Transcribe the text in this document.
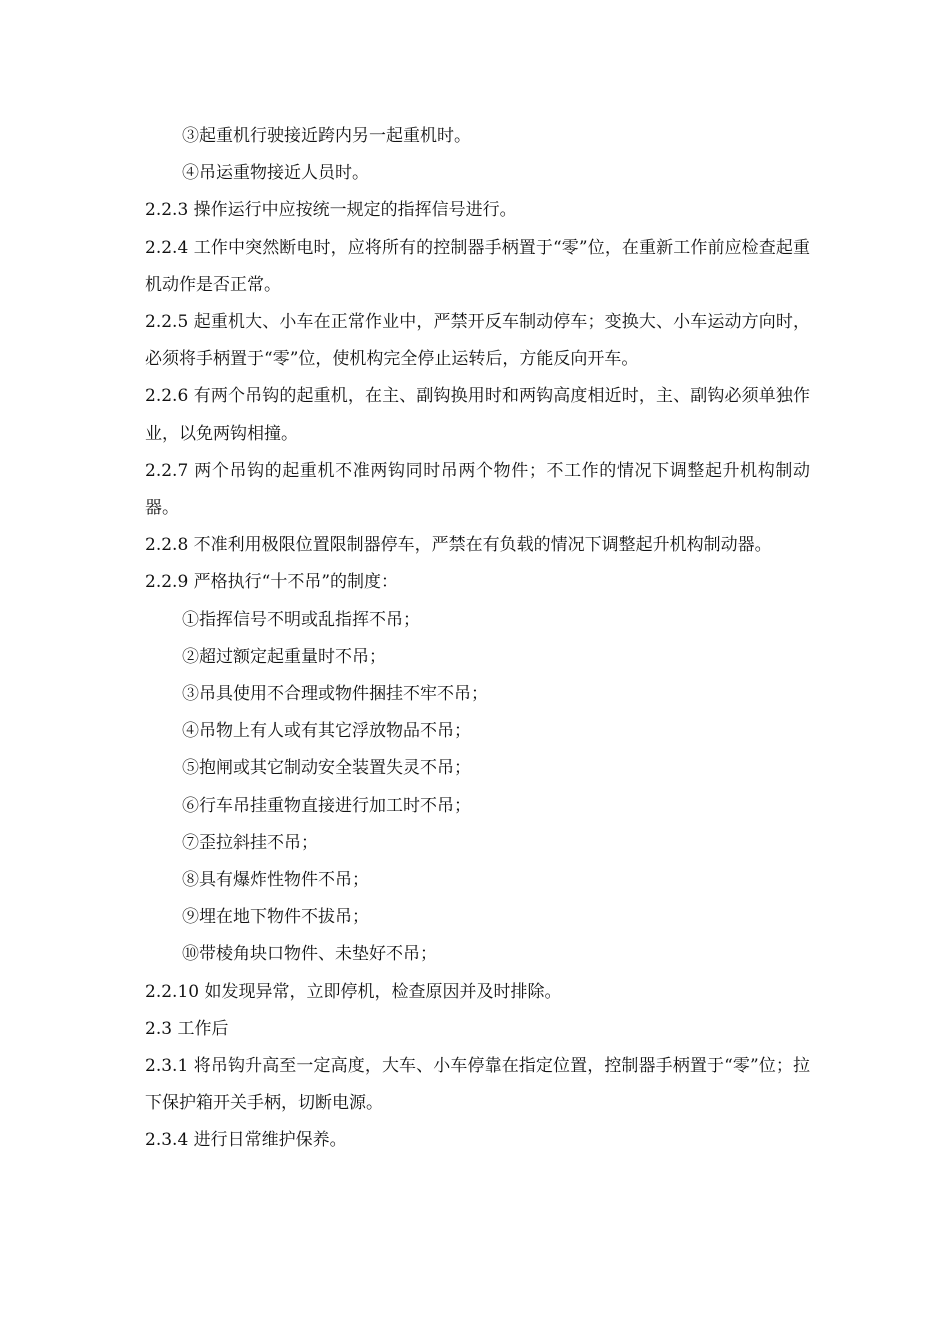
③起重机行驶接近跨内另一起重机时。

④吊运重物接近人员时。

2.2.3 操作运行中应按统一规定的指挥信号进行。

2.2.4 工作中突然断电时，应将所有的控制器手柄置于“零”位，在重新工作前应检查起重机动作是否正常。

2.2.5 起重机大、小车在正常作业中，严禁开反车制动停车；变换大、小车运动方向时，必须将手柄置于“零”位，使机构完全停止运转后，方能反向开车。

2.2.6 有两个吊钩的起重机，在主、副钩换用时和两钩高度相近时，主、副钩必须单独作业，以免两钩相撞。

2.2.7 两个吊钩的起重机不准两钩同时吊两个物件；不工作的情况下调整起升机构制动器。

2.2.8 不准利用极限位置限制器停车，严禁在有负载的情况下调整起升机构制动器。

2.2.9 严格执行“十不吊”的制度：

①指挥信号不明或乱指挥不吊；

②超过额定起重量时不吊；

③吊具使用不合理或物件捆挂不牢不吊；

④吊物上有人或有其它浮放物品不吊；

⑤抱闸或其它制动安全装置失灵不吊；

⑥行车吊挂重物直接进行加工时不吊；

⑦歪拉斜挂不吊；

⑧具有爆炸性物件不吊；

⑨埋在地下物件不拔吊；

⑩带棱角块口物件、未垫好不吊；

2.2.10 如发现异常，立即停机，检查原因并及时排除。

2.3 工作后

2.3.1 将吊钩升高至一定高度，大车、小车停靠在指定位置，控制器手柄置于“零”位；拉下保护箱开关手柄，切断电源。

2.3.4 进行日常维护保养。
